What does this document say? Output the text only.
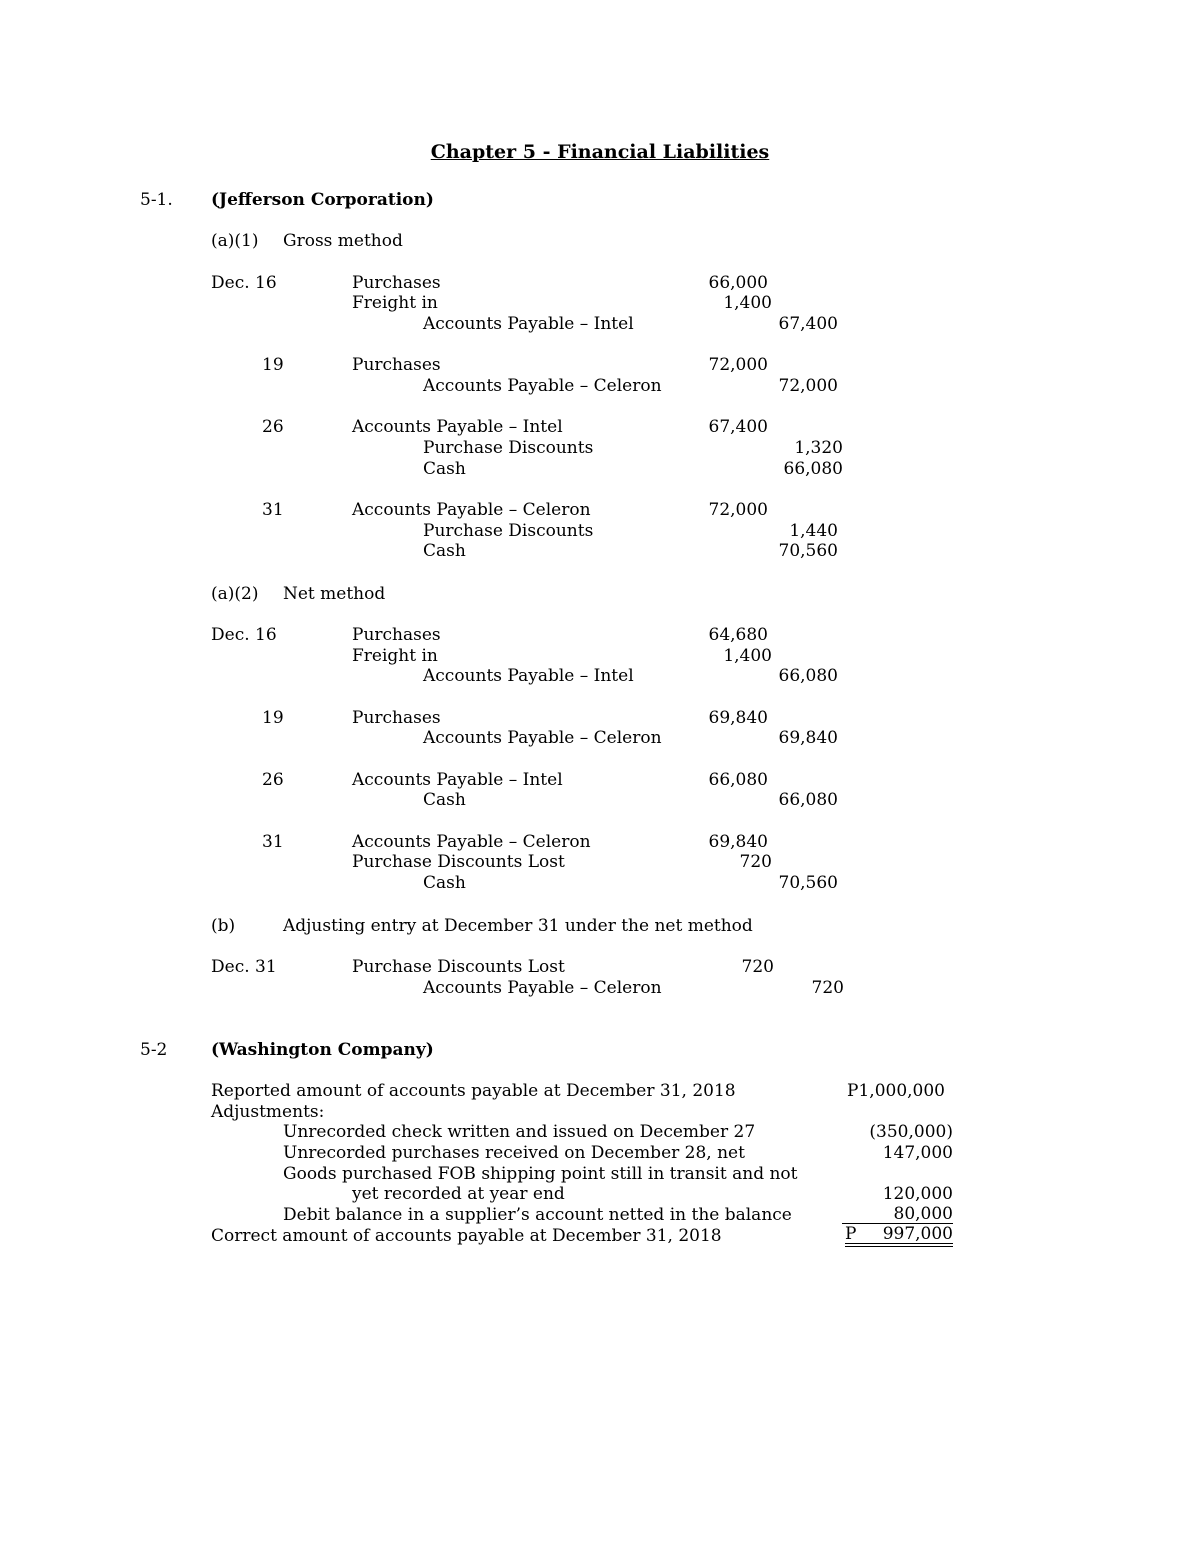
Chapter 5 - Financial Liabilities
5-1. (Jefferson Corporation)
(a)(1) Gross method
Dec. 16	Purchases	66,000
Freight in	1,400
Accounts Payable – Intel	67,400
19	Purchases	72,000
Accounts Payable – Celeron	72,000
26	Accounts Payable – Intel	67,400
Purchase Discounts	1,320
Cash	66,080
31	Accounts Payable – Celeron	72,000
Purchase Discounts	1,440
Cash	70,560
(a)(2) Net method
Dec. 16	Purchases	64,680
Freight in	1,400
Accounts Payable – Intel	66,080
19	Purchases	69,840
Accounts Payable – Celeron	69,840
26	Accounts Payable – Intel	66,080
Cash	66,080
31	Accounts Payable – Celeron	69,840
Purchase Discounts Lost	720
Cash	70,560
(b)	Adjusting entry at December 31 under the net method
Dec. 31	Purchase Discounts Lost	720
Accounts Payable – Celeron	720
5-2	(Washington Company)
Reported amount of accounts payable at December 31, 2018	P1,000,000
Adjustments:
Unrecorded check written and issued on December 27	(350,000)
Unrecorded purchases received on December 28, net	147,000
Goods purchased FOB shipping point still in transit and not
yet recorded at year end	120,000
Debit balance in a supplier’s account netted in the balance	80,000
Correct amount of accounts payable at December 31, 2018	P 997,000
